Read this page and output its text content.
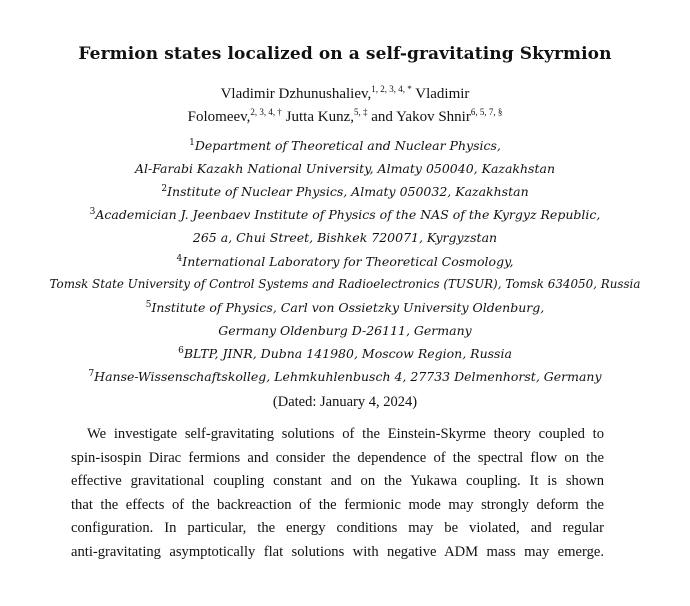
Fermion states localized on a self-gravitating Skyrmion
Vladimir Dzhunushaliev,$^{1, 2, 3, 4, *}$ Vladimir
Folomeev,$^{2, 3, 4, \dagger}$ Jutta Kunz,$^{5, \ddagger}$ and Yakov Shnir$^{6, 5, 7, \S}$
$^1$Department of Theoretical and Nuclear Physics,
Al-Farabi Kazakh National University, Almaty 050040, Kazakhstan
$^2$Institute of Nuclear Physics, Almaty 050032, Kazakhstan
$^3$Academician J. Jeenbaev Institute of Physics of the NAS of the Kyrgyz Republic,
265 a, Chui Street, Bishkek 720071, Kyrgyzstan
$^4$International Laboratory for Theoretical Cosmology,
Tomsk State University of Control Systems and Radioelectronics (TUSUR), Tomsk 634050, Russia
$^5$Institute of Physics, Carl von Ossietzky University Oldenburg,
Germany Oldenburg D-26111, Germany
$^6$BLTP, JINR, Dubna 141980, Moscow Region, Russia
$^7$Hanse-Wissenschaftskolleg, Lehmkuhlenbusch 4, 27733 Delmenhorst, Germany
(Dated: January 4, 2024)
We investigate self-gravitating solutions of the Einstein-Skyrme theory coupled to
spin-isospin Dirac fermions and consider the dependence of the spectral flow on the
effective gravitational coupling constant and on the Yukawa coupling. It is shown
that the effects of the backreaction of the fermionic mode may strongly deform the
configuration. In particular, the energy conditions may be violated, and regular
anti-gravitating asymptotically flat solutions with negative ADM mass may emerge.
